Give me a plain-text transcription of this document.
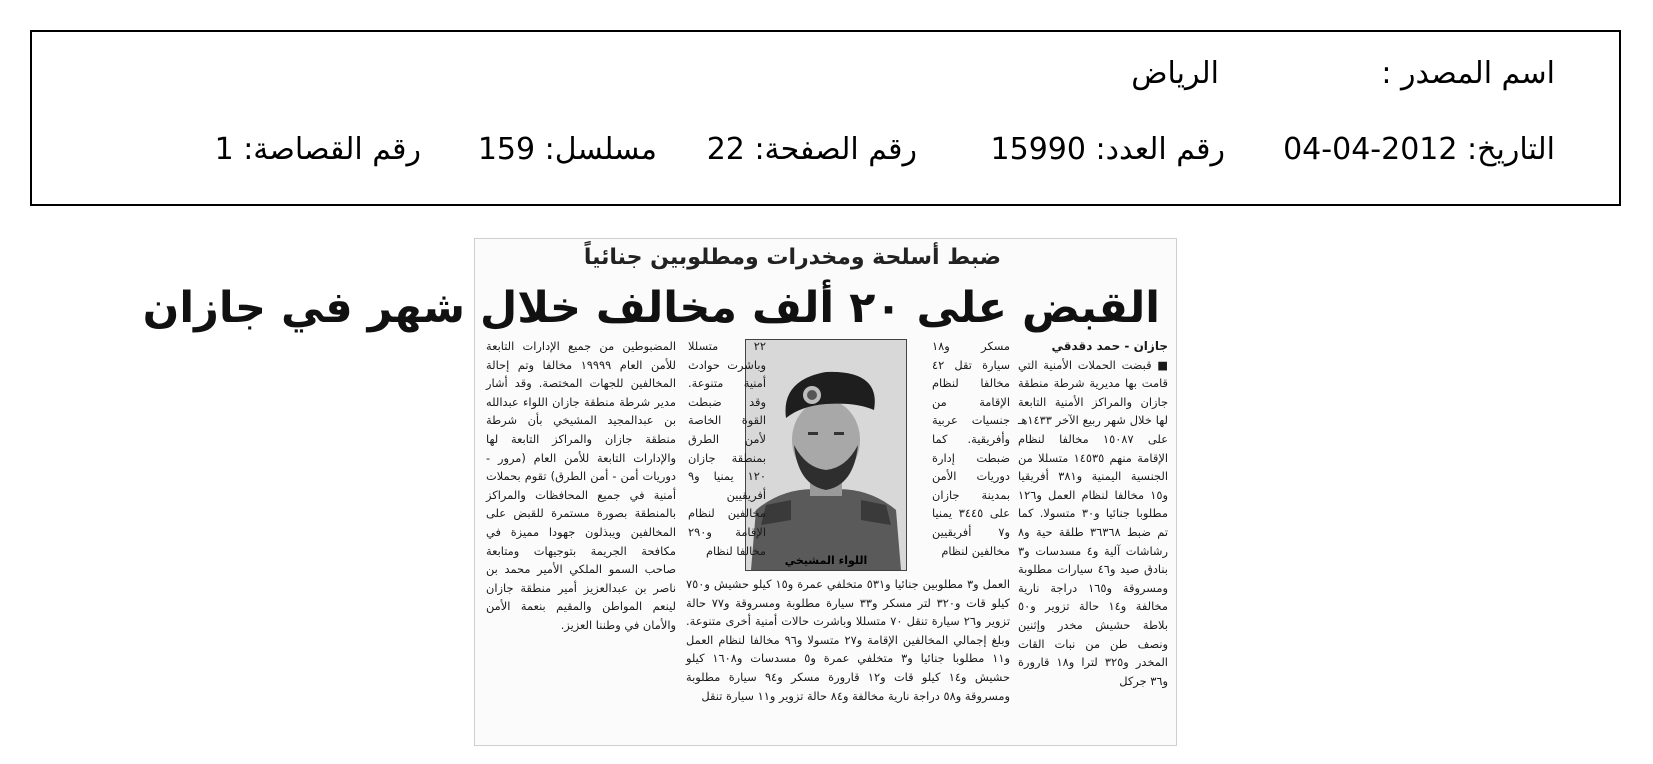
اسم المصدر :
الرياض
التاريخ: 2012-04-04
رقم العدد: 15990
رقم الصفحة: 22
مسلسل: 159
رقم القصاصة: 1
ضبط أسلحة ومخدرات ومطلوبين جنائياً
القبض على ٢٠ ألف مخالف خلال شهر في جازان

جازان - حمد دقدقي

■ قبضت الحملات الأمنية التي قامت بها مديرية شرطة منطقة جازان والمراكز الأمنية التابعة لها خلال شهر ربيع الآخر ١٤٣٣هـ على ١٥٠٨٧ مخالفا لنظام الإقامة منهم ١٤٥٣٥ متسللا من الجنسية اليمنية و٣٨١ أفريقيا و١٥ مخالفا لنظام العمل و١٢٦ مطلوبا جنائيا و٣٠ متسولا. كما تم ضبط ٣٦٣٦٨ طلقة حية و٨ رشاشات آلية و٤ مسدسات و٣ بنادق صيد و٤٦ سيارات مطلوبة ومسروقة و١٦٥ دراجة نارية مخالفة و١٤ حالة تزوير و٥٠ بلاطة حشيش مخدر وإثنين ونصف طن من نبات القات المخدر و٣٢٥ لترا و١٨ قارورة و٣٦ جركل

مسكر و١٨ سيارة تقل ٤٢ مخالفا لنظام الإقامة من جنسيات عربية وأفريقية. كما ضبطت إدارة دوريات الأمن بمدينة جازان على ٣٤٤٥ يمنيا و٧ أفريقيين مخالفين لنظام
اللواء المشيخي
٢٢ متسللا وباشرت حوادث أمنية متنوعة. وقد ضبطت القوة الخاصة لأمن الطرق بمنطقة جازان ١٢٠ يمنيا و٩ أفريقيين مخالفين لنظام الإقامة و٢٩٠ مخالفا لنظام
العمل و٣ مطلوبين جنائيا و٥٣١ متخلفي عمرة و١٥ كيلو حشيش و٧٥٠ كيلو قات و٣٢٠ لتر مسكر و٣٣ سيارة مطلوبة ومسروقة و٧٧ حالة تزوير و٢٦ سيارة تنقل ٧٠ متسللا وباشرت حالات أمنية أخرى متنوعة. وبلغ إجمالي المخالفين الإقامة و٢٧ متسولا و٩٦ مخالفا لنظام العمل و١١ مطلوبا جنائيا و٣ متخلفي عمرة و٥ مسدسات و١٦٠٨ كيلو حشيش و١٤ كيلو قات و١٢ قارورة مسكر و٩٤ سيارة مطلوبة ومسروقة و٥٨ دراجة نارية مخالفة و٨٤ حالة تزوير و١١ سيارة تنقل
المضبوطين من جميع الإدارات التابعة للأمن العام ١٩٩٩٩ مخالفا وتم إحالة المخالفين للجهات المختصة. وقد أشار مدير شرطة منطقة جازان اللواء عبدالله بن عبدالمجيد المشيخي بأن شرطة منطقة جازان والمراكز التابعة لها والإدارات التابعة للأمن العام (مرور - دوريات أمن - أمن الطرق) تقوم بحملات أمنية في جميع المحافظات والمراكز بالمنطقة بصورة مستمرة للقبض على المخالفين ويبذلون جهودا مميزة في مكافحة الجريمة بتوجيهات ومتابعة صاحب السمو الملكي الأمير محمد بن ناصر بن عبدالعزيز أمير منطقة جازان لينعم المواطن والمقيم بنعمة الأمن والأمان في وطننا العزيز.
